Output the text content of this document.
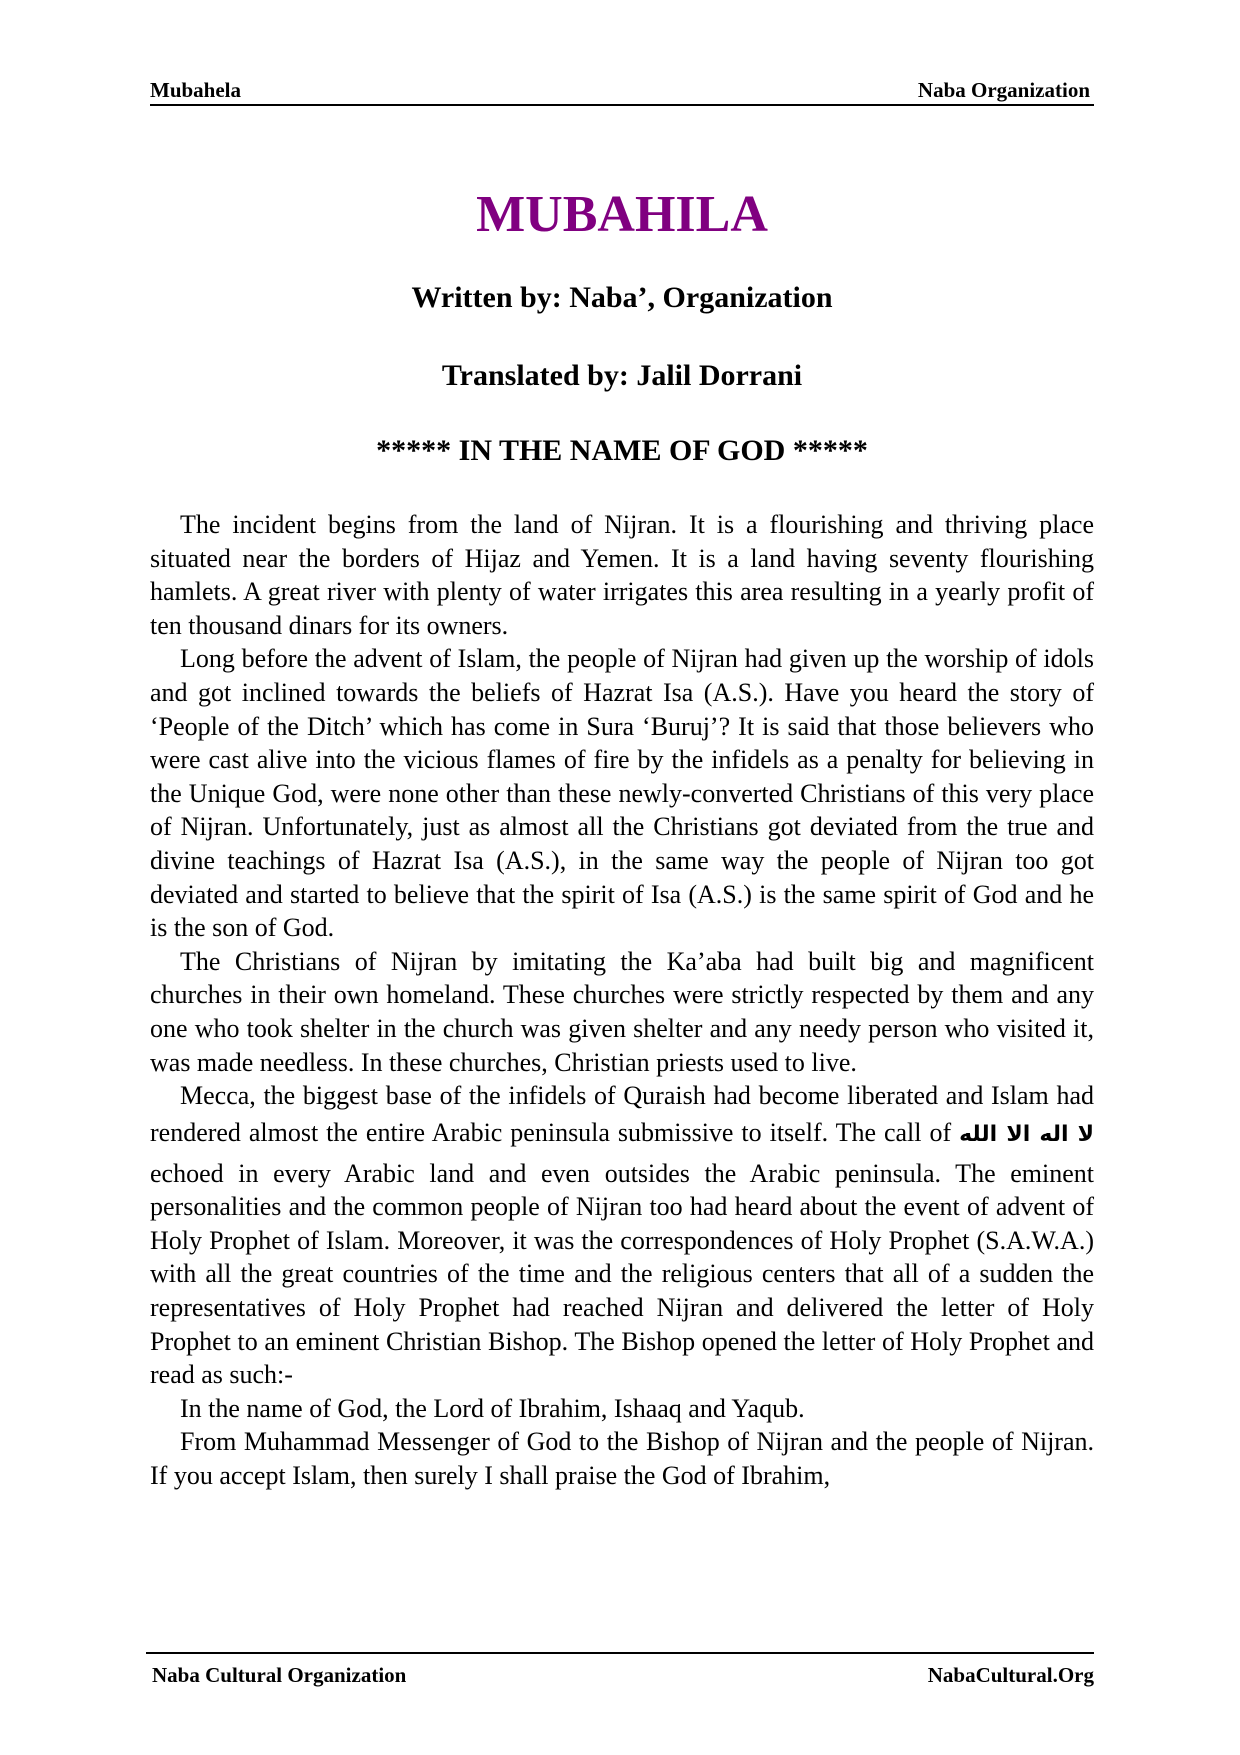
Mubahela	Naba Organization
MUBAHILA
Written by: Naba’, Organization
Translated by: Jalil Dorrani
***** IN THE NAME OF GOD *****

The incident begins from the land of Nijran. It is a flourishing and thriving place situated near the borders of Hijaz and Yemen. It is a land having seventy flourishing hamlets. A great river with plenty of water irrigates this area resulting in a yearly profit of ten thousand dinars for its owners.

Long before the advent of Islam, the people of Nijran had given up the worship of idols and got inclined towards the beliefs of Hazrat Isa (A.S.). Have you heard the story of ‘People of the Ditch’ which has come in Sura ‘Buruj’? It is said that those believers who were cast alive into the vicious flames of fire by the infidels as a penalty for believing in the Unique God, were none other than these newly-converted Christians of this very place of Nijran. Unfortunately, just as almost all the Christians got deviated from the true and divine teachings of Hazrat Isa (A.S.), in the same way the people of Nijran too got deviated and started to believe that the spirit of Isa (A.S.) is the same spirit of God and he is the son of God.

The Christians of Nijran by imitating the Ka’aba had built big and magnificent churches in their own homeland. These churches were strictly respected by them and any one who took shelter in the church was given shelter and any needy person who visited it, was made needless. In these churches, Christian priests used to live.

Mecca, the biggest base of the infidels of Quraish had become liberated and Islam had rendered almost the entire Arabic peninsula submissive to itself. The call of لا اله الا الله echoed in every Arabic land and even outsides the Arabic peninsula. The eminent personalities and the common people of Nijran too had heard about the event of advent of Holy Prophet of Islam. Moreover, it was the correspondences of Holy Prophet (S.A.W.A.) with all the great countries of the time and the religious centers that all of a sudden the representatives of Holy Prophet had reached Nijran and delivered the letter of Holy Prophet to an eminent Christian Bishop. The Bishop opened the letter of Holy Prophet and read as such:-

In the name of God, the Lord of Ibrahim, Ishaaq and Yaqub.

From Muhammad Messenger of God to the Bishop of Nijran and the people of Nijran. If you accept Islam, then surely I shall praise the God of Ibrahim,

Naba Cultural Organization	NabaCultural.Org
